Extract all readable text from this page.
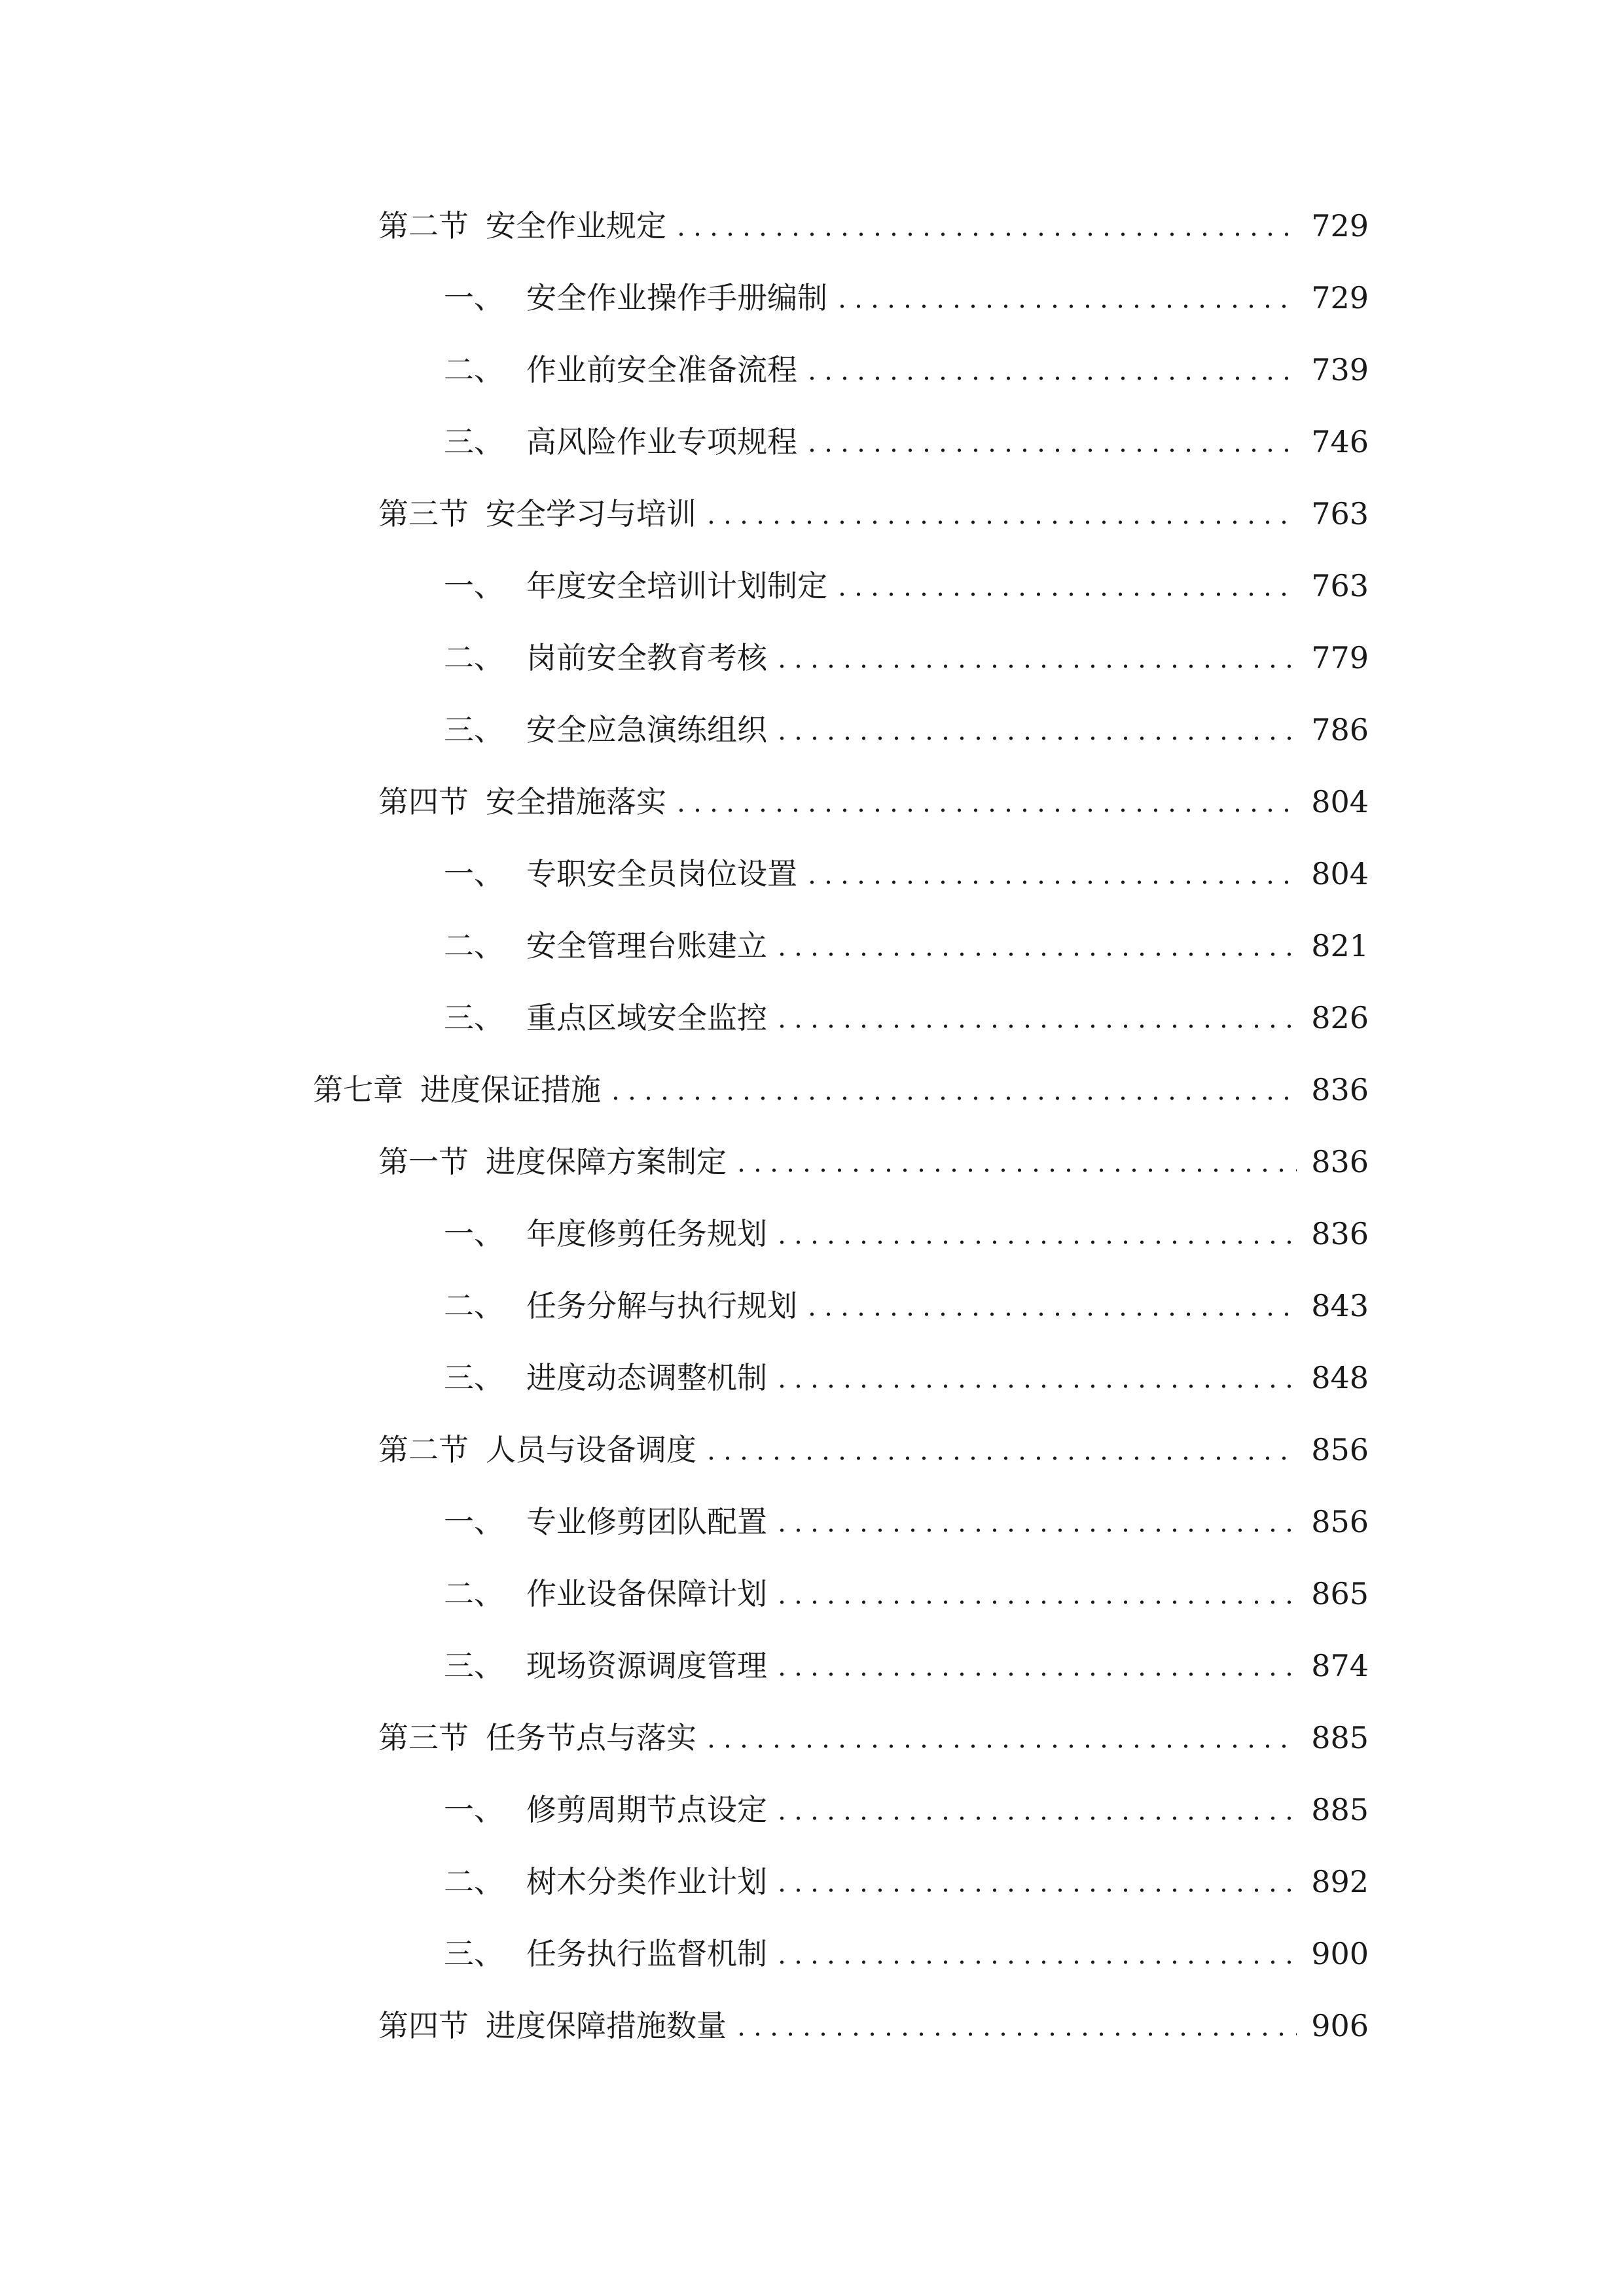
第二节 安全作业规定	729
一、 安全作业操作手册编制	729
二、 作业前安全准备流程	739
三、 高风险作业专项规程	746
第三节 安全学习与培训	763
一、 年度安全培训计划制定	763
二、 岗前安全教育考核	779
三、 安全应急演练组织	786
第四节 安全措施落实	804
一、 专职安全员岗位设置	804
二、 安全管理台账建立	821
三、 重点区域安全监控	826
第七章 进度保证措施	836
第一节 进度保障方案制定	836
一、 年度修剪任务规划	836
二、 任务分解与执行规划	843
三、 进度动态调整机制	848
第二节 人员与设备调度	856
一、 专业修剪团队配置	856
二、 作业设备保障计划	865
三、 现场资源调度管理	874
第三节 任务节点与落实	885
一、 修剪周期节点设定	885
二、 树木分类作业计划	892
三、 任务执行监督机制	900
第四节 进度保障措施数量	906
